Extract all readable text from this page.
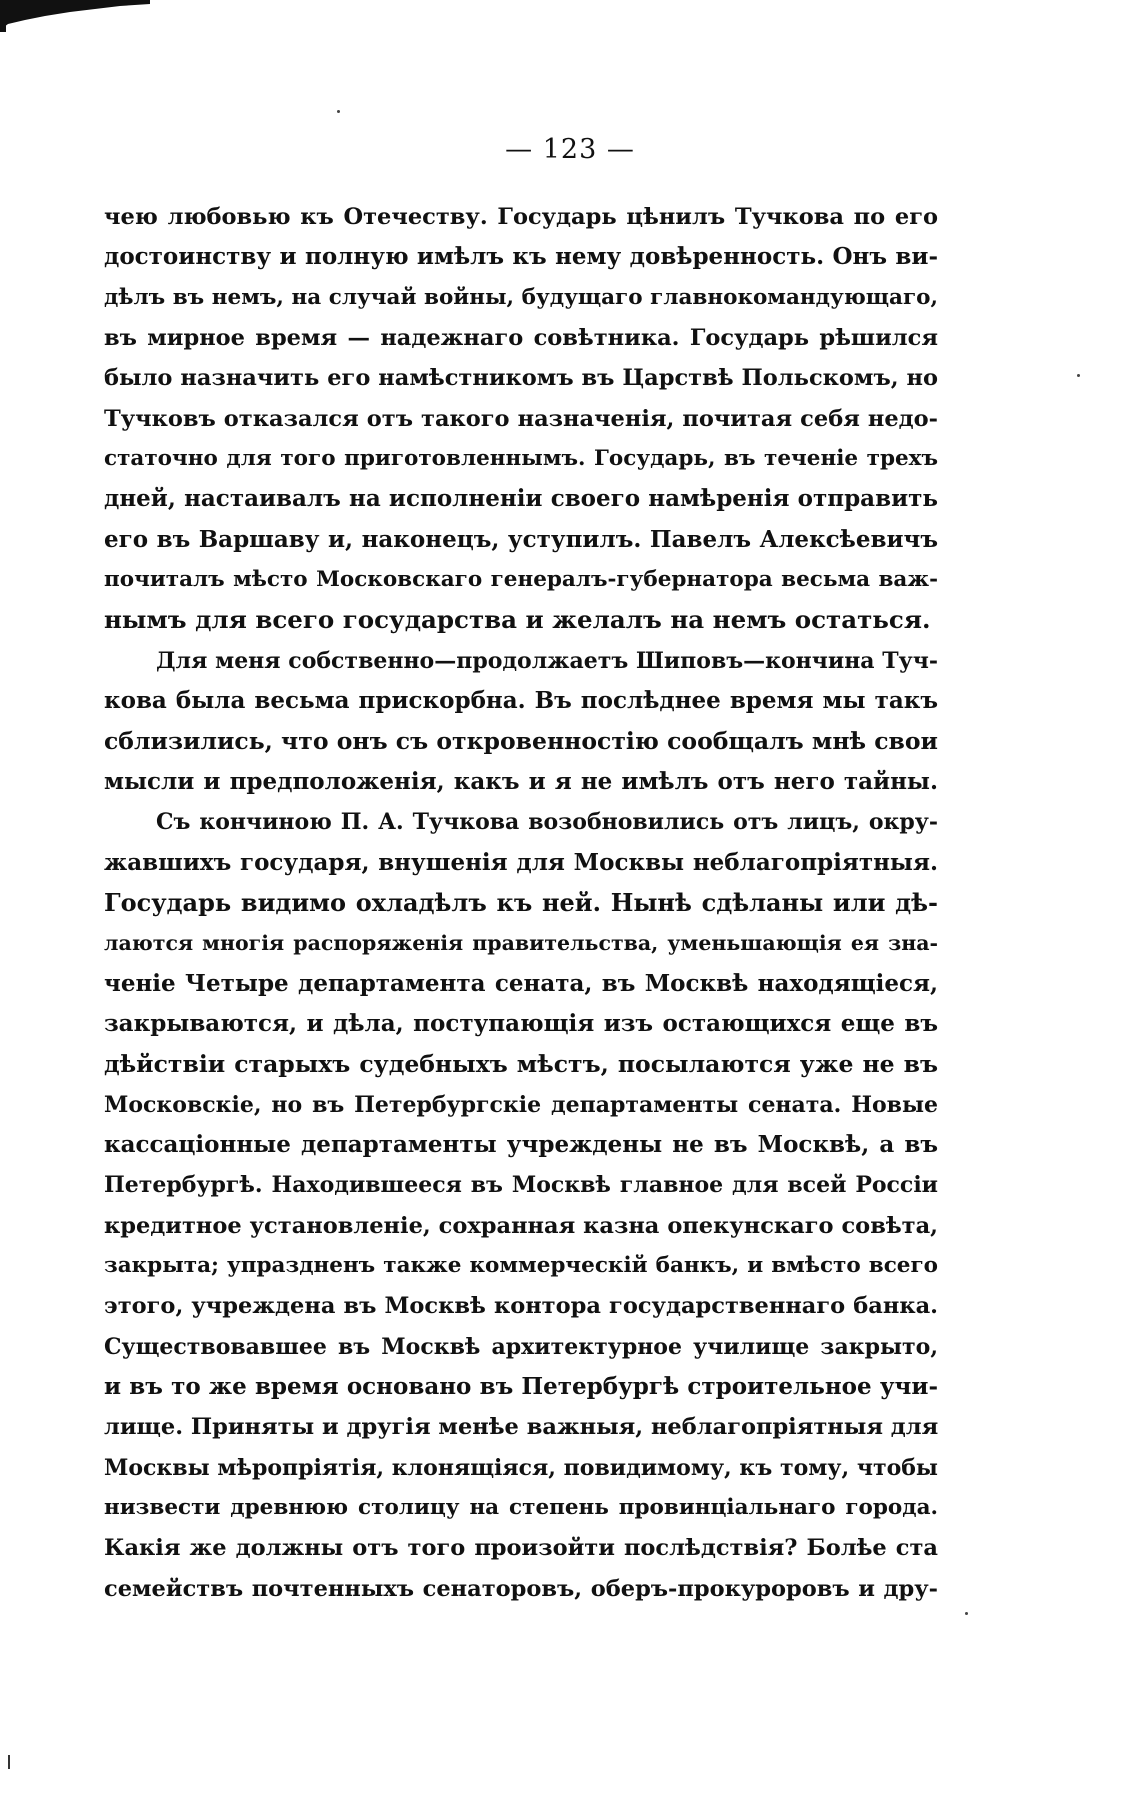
— 123 —
чею любовью къ Отечеству. Государь цѣнилъ Тучкова по его
достоинству и полную имѣлъ къ нему довѣренность. Онъ ви-
дѣлъ въ немъ, на случай войны, будущаго главнокомандующаго,
въ мирное время — надежнаго совѣтника. Государь рѣшился
было назначить его намѣстникомъ въ Царствѣ Польскомъ, но
Тучковъ отказался отъ такого назначенія, почитая себя недо-
статочно для того приготовленнымъ. Государь, въ теченіе трехъ
дней, настаивалъ на исполненіи своего намѣренія отправить
его въ Варшаву и, наконецъ, уступилъ. Павелъ Алексѣевичъ
почиталъ мѣсто Московскаго генералъ-губернатора весьма важ-
нымъ для всего государства и желалъ на немъ остаться.
Для меня собственно—продолжаетъ Шиповъ—кончина Туч-
кова была весьма прискорбна. Въ послѣднее время мы такъ
сблизились, что онъ съ откровенностію сообщалъ мнѣ свои
мысли и предположенія, какъ и я не имѣлъ отъ него тайны.
Съ кончиною П. А. Тучкова возобновились отъ лицъ, окру-
жавшихъ государя, внушенія для Москвы неблагопріятныя.
Государь видимо охладѣлъ къ ней. Нынѣ сдѣланы или дѣ-
лаются многія распоряженія правительства, уменьшающія ея зна-
ченіе Четыре департамента сената, въ Москвѣ находящіеся,
закрываются, и дѣла, поступающія изъ остающихся еще въ
дѣйствіи старыхъ судебныхъ мѣстъ, посылаются уже не въ
Московскіе, но въ Петербургскіе департаменты сената. Новые
кассаціонные департаменты учреждены не въ Москвѣ, а въ
Петербургѣ. Находившееся въ Москвѣ главное для всей Россіи
кредитное установленіе, сохранная казна опекунскаго совѣта,
закрыта; упраздненъ также коммерческій банкъ, и вмѣсто всего
этого, учреждена въ Москвѣ контора государственнаго банка.
Существовавшее въ Москвѣ архитектурное училище закрыто,
и въ то же время основано въ Петербургѣ строительное учи-
лище. Приняты и другія менѣе важныя, неблагопріятныя для
Москвы мѣропріятія, клонящіяся, повидимому, къ тому, чтобы
низвести древнюю столицу на степень провинціальнаго города.
Какія же должны отъ того произойти послѣдствія? Болѣе ста
семействъ почтенныхъ сенаторовъ, оберъ-прокуроровъ и дру-
